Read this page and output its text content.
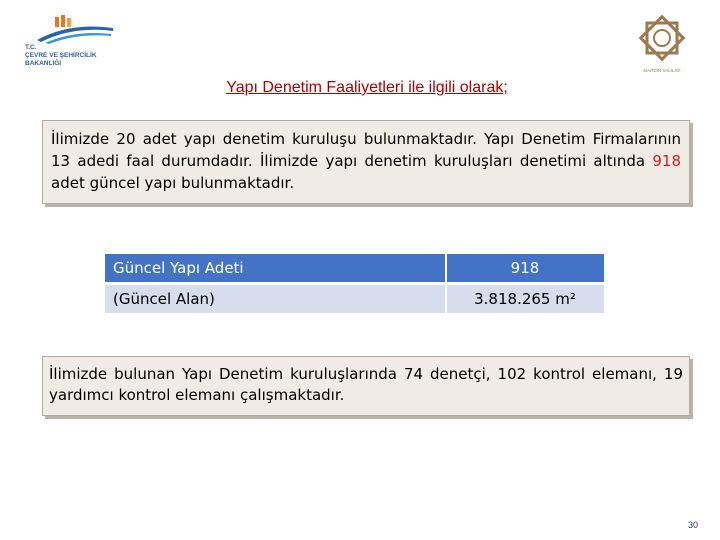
T.C.
ÇEVRE VE ŞEHİRCİLİK
BAKANLIĞI
MARDİN VALİLİĞİ
Yapı Denetim Faaliyetleri ile ilgili olarak;
İlimizde 20 adet yapı denetim kuruluşu bulunmaktadır. Yapı Denetim Firmalarının 13 adedi faal durumdadır. İlimizde yapı denetim kuruluşları denetimi altında 918 adet güncel yapı bulunmaktadır.
Güncel Yapı Adeti	918
(Güncel Alan)	3.818.265 m²
İlimizde bulunan Yapı Denetim kuruluşlarında 74 denetçi, 102 kontrol elemanı, 19 yardımcı kontrol elemanı çalışmaktadır.
30
